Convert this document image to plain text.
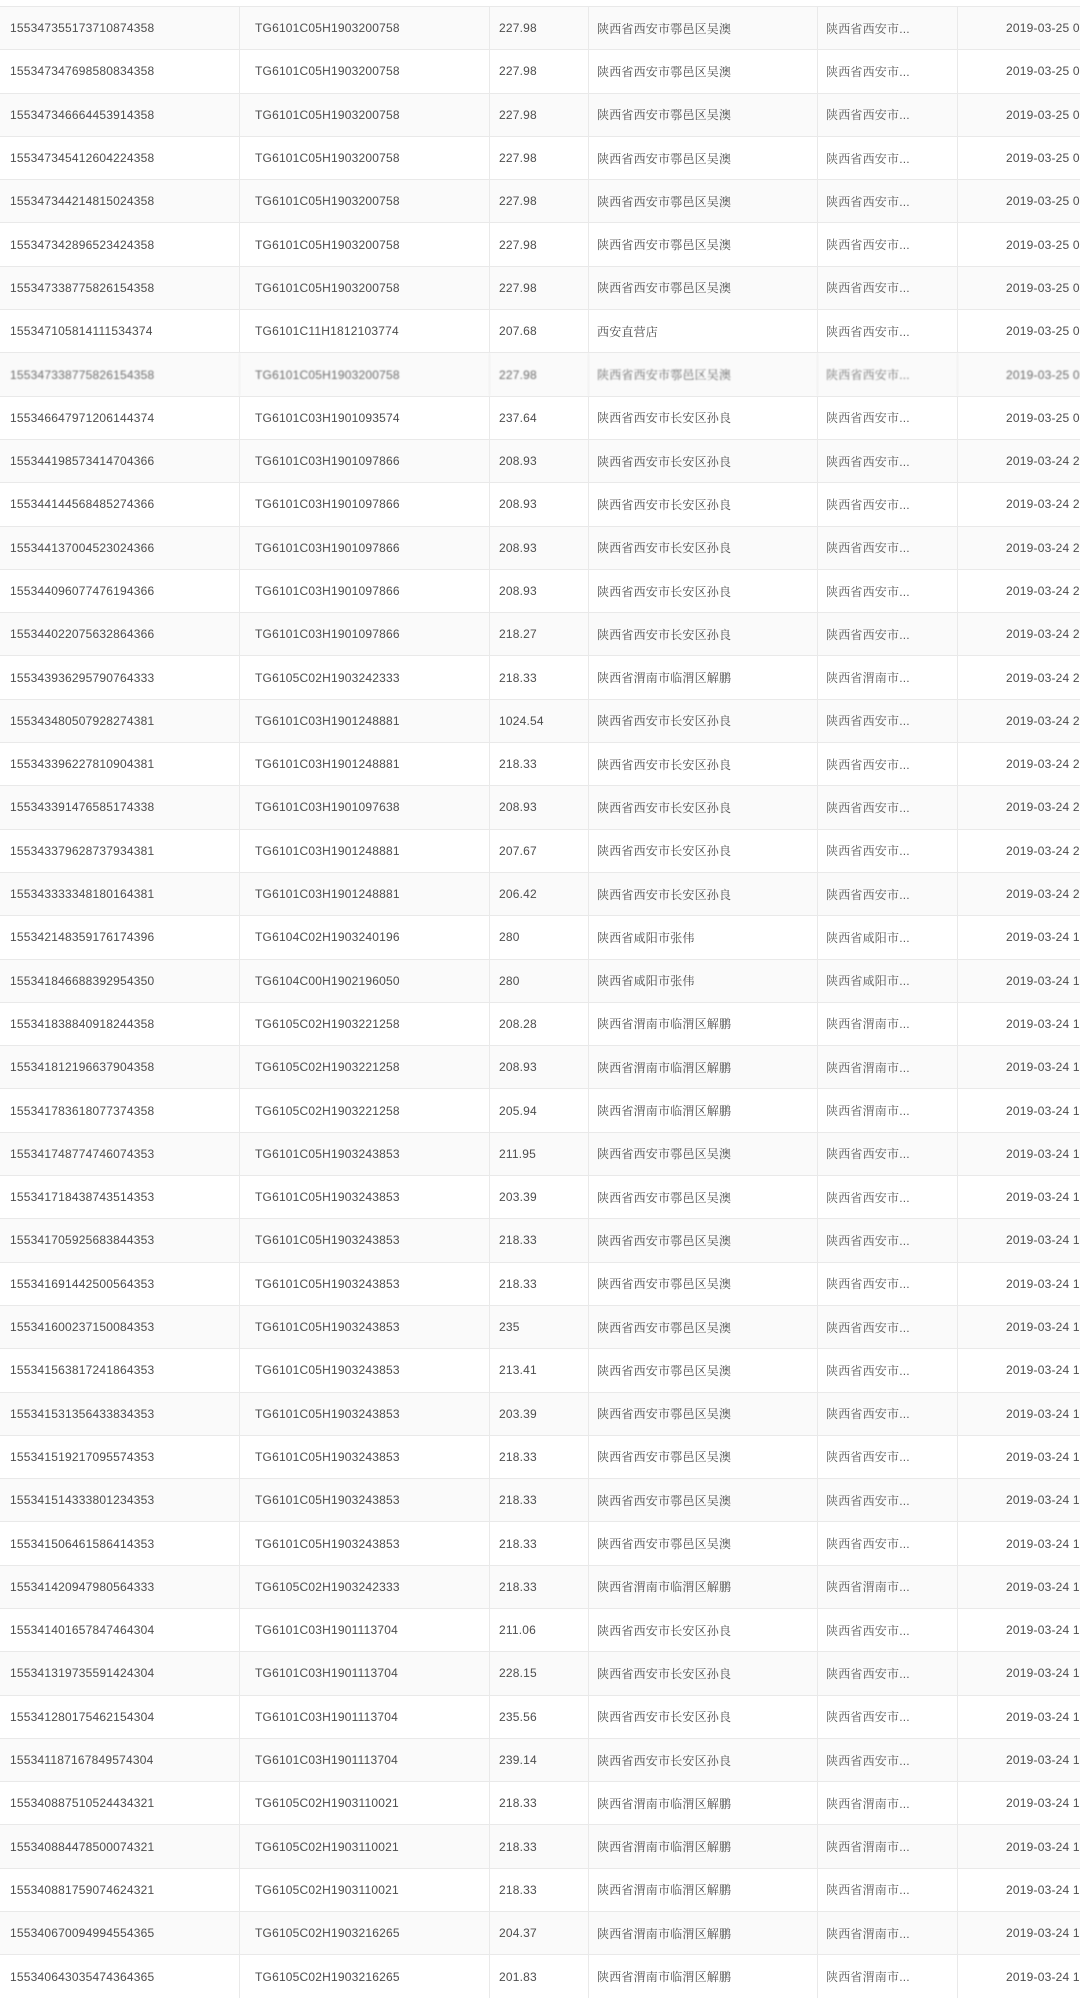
155347355173710874358	TG6101C05H1903200758	227.98	陕西省西安市鄠邑区吴澳	陕西省西安市...	2019-03-25 0
155347347698580834358	TG6101C05H1903200758	227.98	陕西省西安市鄠邑区吴澳	陕西省西安市...	2019-03-25 0
155347346664453914358	TG6101C05H1903200758	227.98	陕西省西安市鄠邑区吴澳	陕西省西安市...	2019-03-25 0
155347345412604224358	TG6101C05H1903200758	227.98	陕西省西安市鄠邑区吴澳	陕西省西安市...	2019-03-25 0
155347344214815024358	TG6101C05H1903200758	227.98	陕西省西安市鄠邑区吴澳	陕西省西安市...	2019-03-25 0
155347342896523424358	TG6101C05H1903200758	227.98	陕西省西安市鄠邑区吴澳	陕西省西安市...	2019-03-25 0
155347338775826154358	TG6101C05H1903200758	227.98	陕西省西安市鄠邑区吴澳	陕西省西安市...	2019-03-25 0
155347105814111534374	TG6101C11H1812103774	207.68	西安直营店	陕西省西安市...	2019-03-25 0
155347338775826154358	TG6101C05H1903200758	227.98	陕西省西安市鄠邑区吴澳	陕西省西安市...	2019-03-25 0
155346647971206144374	TG6101C03H1901093574	237.64	陕西省西安市长安区孙良	陕西省西安市...	2019-03-25 0
155344198573414704366	TG6101C03H1901097866	208.93	陕西省西安市长安区孙良	陕西省西安市...	2019-03-24 2
155344144568485274366	TG6101C03H1901097866	208.93	陕西省西安市长安区孙良	陕西省西安市...	2019-03-24 2
155344137004523024366	TG6101C03H1901097866	208.93	陕西省西安市长安区孙良	陕西省西安市...	2019-03-24 2
155344096077476194366	TG6101C03H1901097866	208.93	陕西省西安市长安区孙良	陕西省西安市...	2019-03-24 2
155344022075632864366	TG6101C03H1901097866	218.27	陕西省西安市长安区孙良	陕西省西安市...	2019-03-24 2
155343936295790764333	TG6105C02H1903242333	218.33	陕西省渭南市临渭区解鹏	陕西省渭南市...	2019-03-24 2
155343480507928274381	TG6101C03H1901248881	1024.54	陕西省西安市长安区孙良	陕西省西安市...	2019-03-24 2
155343396227810904381	TG6101C03H1901248881	218.33	陕西省西安市长安区孙良	陕西省西安市...	2019-03-24 2
155343391476585174338	TG6101C03H1901097638	208.93	陕西省西安市长安区孙良	陕西省西安市...	2019-03-24 2
155343379628737934381	TG6101C03H1901248881	207.67	陕西省西安市长安区孙良	陕西省西安市...	2019-03-24 2
155343333348180164381	TG6101C03H1901248881	206.42	陕西省西安市长安区孙良	陕西省西安市...	2019-03-24 2
155342148359176174396	TG6104C02H1903240196	280	陕西省咸阳市张伟	陕西省咸阳市...	2019-03-24 1
155341846688392954350	TG6104C00H1902196050	280	陕西省咸阳市张伟	陕西省咸阳市...	2019-03-24 1
155341838840918244358	TG6105C02H1903221258	208.28	陕西省渭南市临渭区解鹏	陕西省渭南市...	2019-03-24 1
155341812196637904358	TG6105C02H1903221258	208.93	陕西省渭南市临渭区解鹏	陕西省渭南市...	2019-03-24 1
155341783618077374358	TG6105C02H1903221258	205.94	陕西省渭南市临渭区解鹏	陕西省渭南市...	2019-03-24 1
155341748774746074353	TG6101C05H1903243853	211.95	陕西省西安市鄠邑区吴澳	陕西省西安市...	2019-03-24 1
155341718438743514353	TG6101C05H1903243853	203.39	陕西省西安市鄠邑区吴澳	陕西省西安市...	2019-03-24 1
155341705925683844353	TG6101C05H1903243853	218.33	陕西省西安市鄠邑区吴澳	陕西省西安市...	2019-03-24 1
155341691442500564353	TG6101C05H1903243853	218.33	陕西省西安市鄠邑区吴澳	陕西省西安市...	2019-03-24 1
155341600237150084353	TG6101C05H1903243853	235	陕西省西安市鄠邑区吴澳	陕西省西安市...	2019-03-24 1
155341563817241864353	TG6101C05H1903243853	213.41	陕西省西安市鄠邑区吴澳	陕西省西安市...	2019-03-24 1
155341531356433834353	TG6101C05H1903243853	203.39	陕西省西安市鄠邑区吴澳	陕西省西安市...	2019-03-24 1
155341519217095574353	TG6101C05H1903243853	218.33	陕西省西安市鄠邑区吴澳	陕西省西安市...	2019-03-24 1
155341514333801234353	TG6101C05H1903243853	218.33	陕西省西安市鄠邑区吴澳	陕西省西安市...	2019-03-24 1
155341506461586414353	TG6101C05H1903243853	218.33	陕西省西安市鄠邑区吴澳	陕西省西安市...	2019-03-24 1
155341420947980564333	TG6105C02H1903242333	218.33	陕西省渭南市临渭区解鹏	陕西省渭南市...	2019-03-24 1
155341401657847464304	TG6101C03H1901113704	211.06	陕西省西安市长安区孙良	陕西省西安市...	2019-03-24 1
155341319735591424304	TG6101C03H1901113704	228.15	陕西省西安市长安区孙良	陕西省西安市...	2019-03-24 1
155341280175462154304	TG6101C03H1901113704	235.56	陕西省西安市长安区孙良	陕西省西安市...	2019-03-24 1
155341187167849574304	TG6101C03H1901113704	239.14	陕西省西安市长安区孙良	陕西省西安市...	2019-03-24 1
155340887510524434321	TG6105C02H1903110021	218.33	陕西省渭南市临渭区解鹏	陕西省渭南市...	2019-03-24 1
155340884478500074321	TG6105C02H1903110021	218.33	陕西省渭南市临渭区解鹏	陕西省渭南市...	2019-03-24 1
155340881759074624321	TG6105C02H1903110021	218.33	陕西省渭南市临渭区解鹏	陕西省渭南市...	2019-03-24 1
155340670094994554365	TG6105C02H1903216265	204.37	陕西省渭南市临渭区解鹏	陕西省渭南市...	2019-03-24 1
155340643035474364365	TG6105C02H1903216265	201.83	陕西省渭南市临渭区解鹏	陕西省渭南市...	2019-03-24 1
